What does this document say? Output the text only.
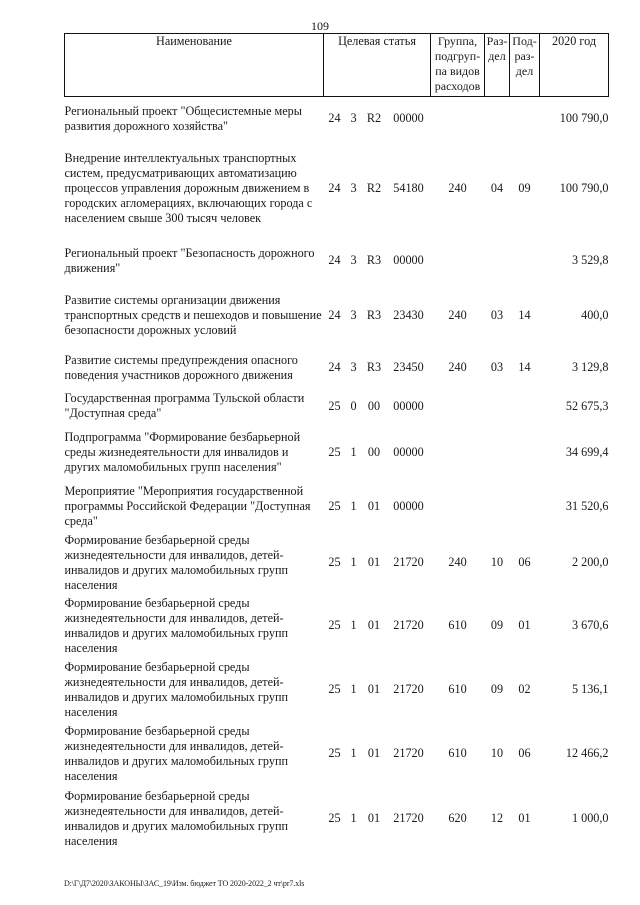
109
Наименование	Целевая статья				Группа, подгруп-па видов расходов	Раз-дел	Под-раз-дел	2020 год
Региональный проект "Общесистемные меры развития дорожного хозяйства"	24	3	R2	00000				100 790,0
Внедрение интеллектуальных транспортных систем, предусматривающих автоматизацию процессов управления дорожным движением в городских агломерациях, включающих города с населением свыше 300 тысяч человек	24	3	R2	54180	240	04	09	100 790,0
Региональный проект "Безопасность дорожного движения"	24	3	R3	00000				3 529,8
Развитие системы организации движения транспортных средств и пешеходов и повышение безопасности дорожных условий	24	3	R3	23430	240	03	14	400,0
Развитие системы предупреждения опасного поведения участников дорожного движения	24	3	R3	23450	240	03	14	3 129,8
Государственная программа Тульской области "Доступная среда"	25	0	00	00000				52 675,3
Подпрограмма "Формирование безбарьерной среды жизнедеятельности для инвалидов и других маломобильных групп населения"	25	1	00	00000				34 699,4
Мероприятие "Мероприятия государственной программы Российской Федерации "Доступная среда"	25	1	01	00000				31 520,6
Формирование безбарьерной среды жизнедеятельности для инвалидов, детей-инвалидов и других маломобильных групп населения	25	1	01	21720	240	10	06	2 200,0
Формирование безбарьерной среды жизнедеятельности для инвалидов, детей-инвалидов и других маломобильных групп населения	25	1	01	21720	610	09	01	3 670,6
Формирование безбарьерной среды жизнедеятельности для инвалидов, детей-инвалидов и других маломобильных групп населения	25	1	01	21720	610	09	02	5 136,1
Формирование безбарьерной среды жизнедеятельности для инвалидов, детей-инвалидов и других маломобильных групп населения	25	1	01	21720	610	10	06	12 466,2
Формирование безбарьерной среды жизнедеятельности для инвалидов, детей-инвалидов и других маломобильных групп населения	25	1	01	21720	620	12	01	1 000,0
D:\Г\Д7\2020\ЗАКОНЫ\ЗАС_19\Изм. бюджет ТО 2020-2022_2 чт\pr7.xls
